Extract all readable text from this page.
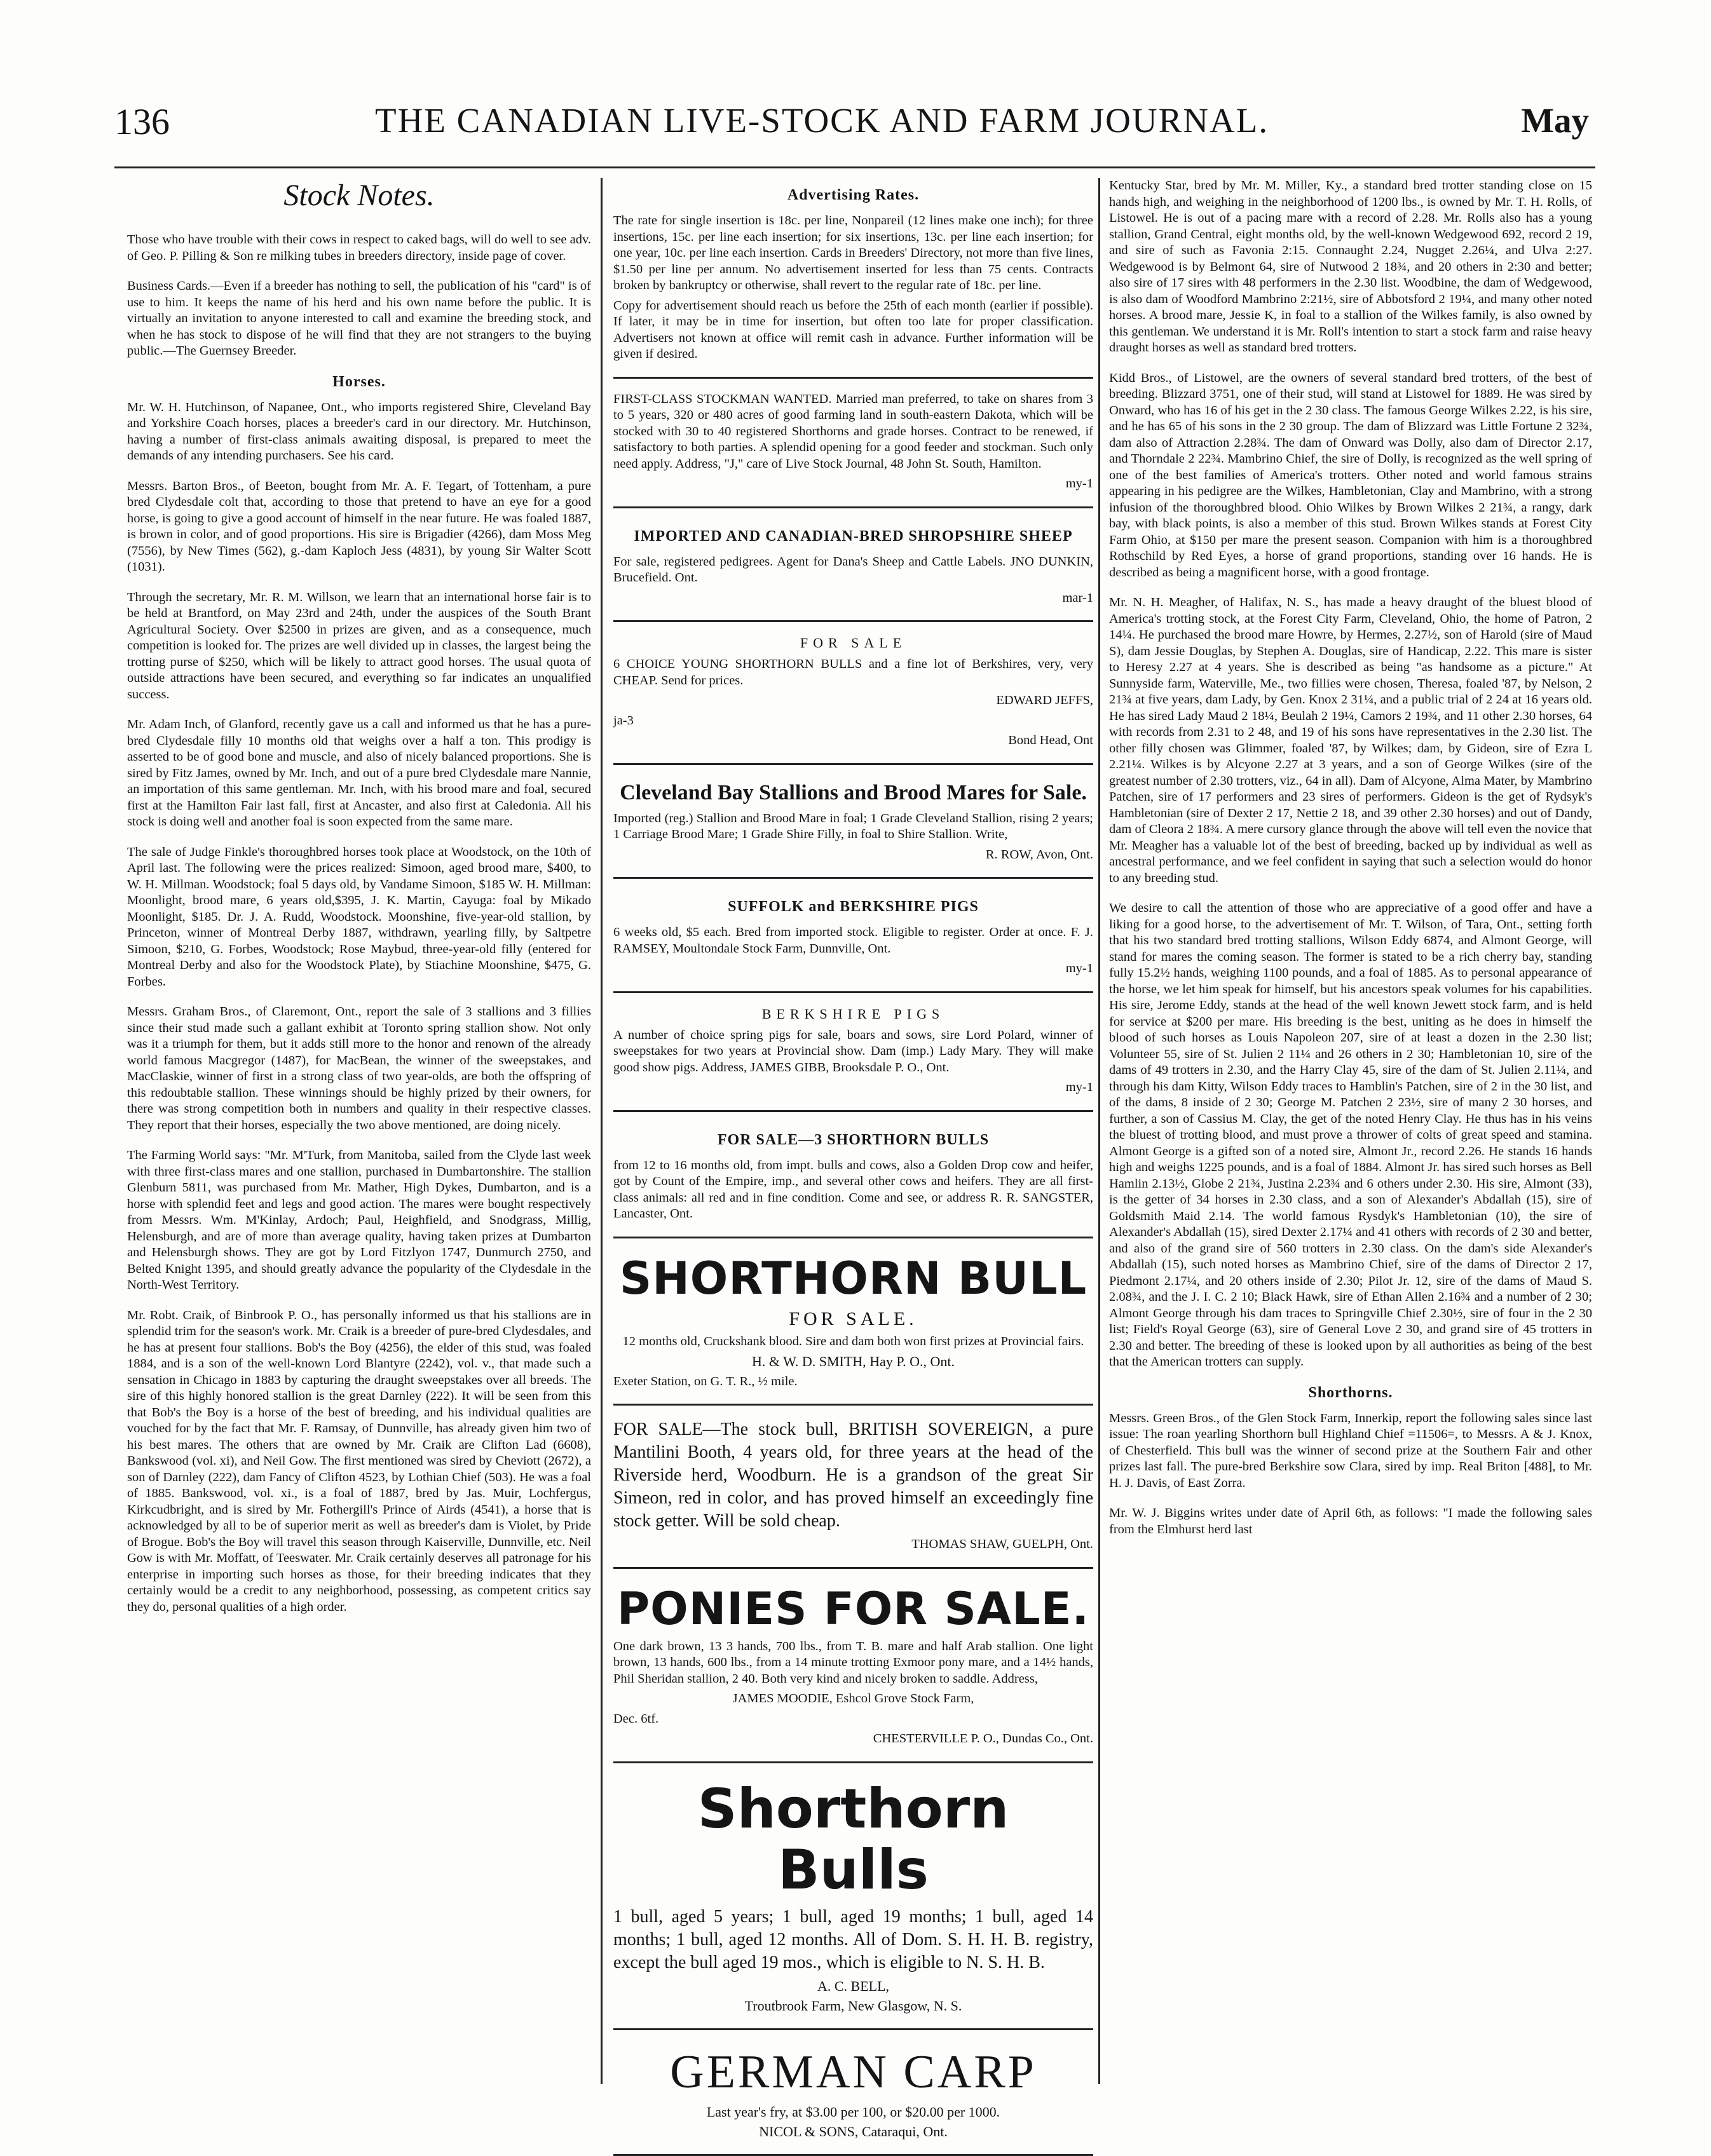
136	THE CANADIAN LIVE-STOCK AND FARM JOURNAL.	May
Stock Notes.

Those who have trouble with their cows in respect to caked bags, will do well to see adv. of Geo. P. Pilling & Son re milking tubes in breeders directory, inside page of cover.

Business Cards.—Even if a breeder has nothing to sell, the publication of his "card" is of use to him. It keeps the name of his herd and his own name before the public. It is virtually an invitation to anyone interested to call and examine the breeding stock, and when he has stock to dispose of he will find that they are not strangers to the buying public.—The Guernsey Breeder.

Horses.

Mr. W. H. Hutchinson, of Napanee, Ont., who imports registered Shire, Cleveland Bay and Yorkshire Coach horses, places a breeder's card in our directory. Mr. Hutchinson, having a number of first-class animals awaiting disposal, is prepared to meet the demands of any intending purchasers. See his card.

Messrs. Barton Bros., of Beeton, bought from Mr. A. F. Tegart, of Tottenham, a pure bred Clydesdale colt that, according to those that pretend to have an eye for a good horse, is going to give a good account of himself in the near future. He was foaled 1887, is brown in color, and of good proportions. His sire is Brigadier (4266), dam Moss Meg (7556), by New Times (562), g.-dam Kaploch Jess (4831), by young Sir Walter Scott (1031).

Through the secretary, Mr. R. M. Willson, we learn that an international horse fair is to be held at Brantford, on May 23rd and 24th, under the auspices of the South Brant Agricultural Society. Over $2500 in prizes are given, and as a consequence, much competition is looked for. The prizes are well divided up in classes, the largest being the trotting purse of $250, which will be likely to attract good horses. The usual quota of outside attractions have been secured, and everything so far indicates an unqualified success.

Mr. Adam Inch, of Glanford, recently gave us a call and informed us that he has a pure-bred Clydesdale filly 10 months old that weighs over a half a ton. This prodigy is asserted to be of good bone and muscle, and also of nicely balanced proportions. She is sired by Fitz James, owned by Mr. Inch, and out of a pure bred Clydesdale mare Nannie, an importation of this same gentleman. Mr. Inch, with his brood mare and foal, secured first at the Hamilton Fair last fall, first at Ancaster, and also first at Caledonia. All his stock is doing well and another foal is soon expected from the same mare.

The sale of Judge Finkle's thoroughbred horses took place at Woodstock, on the 10th of April last. The following were the prices realized: Simoon, aged brood mare, $400, to W. H. Millman. Woodstock; foal 5 days old, by Vandame Simoon, $185 W. H. Millman: Moonlight, brood mare, 6 years old,$395, J. K. Martin, Cayuga: foal by Mikado Moonlight, $185. Dr. J. A. Rudd, Woodstock. Moonshine, five-year-old stallion, by Princeton, winner of Montreal Derby 1887, withdrawn, yearling filly, by Saltpetre Simoon, $210, G. Forbes, Woodstock; Rose Maybud, three-year-old filly (entered for Montreal Derby and also for the Woodstock Plate), by Stiachine Moonshine, $475, G. Forbes.

Messrs. Graham Bros., of Claremont, Ont., report the sale of 3 stallions and 3 fillies since their stud made such a gallant exhibit at Toronto spring stallion show. Not only was it a triumph for them, but it adds still more to the honor and renown of the already world famous Macgregor (1487), for MacBean, the winner of the sweepstakes, and MacClaskie, winner of first in a strong class of two year-olds, are both the offspring of this redoubtable stallion. These winnings should be highly prized by their owners, for there was strong competition both in numbers and quality in their respective classes. They report that their horses, especially the two above mentioned, are doing nicely.

The Farming World says: "Mr. M'Turk, from Manitoba, sailed from the Clyde last week with three first-class mares and one stallion, purchased in Dumbartonshire. The stallion Glenburn 5811, was purchased from Mr. Mather, High Dykes, Dumbarton, and is a horse with splendid feet and legs and good action. The mares were bought respectively from Messrs. Wm. M'Kinlay, Ardoch; Paul, Heighfield, and Snodgrass, Millig, Helensburgh, and are of more than average quality, having taken prizes at Dumbarton and Helensburgh shows. They are got by Lord Fitzlyon 1747, Dunmurch 2750, and Belted Knight 1395, and should greatly advance the popularity of the Clydesdale in the North-West Territory.

Mr. Robt. Craik, of Binbrook P. O., has personally informed us that his stallions are in splendid trim for the season's work. Mr. Craik is a breeder of pure-bred Clydesdales, and he has at present four stallions. Bob's the Boy (4256), the elder of this stud, was foaled 1884, and is a son of the well-known Lord Blantyre (2242), vol. v., that made such a sensation in Chicago in 1883 by capturing the draught sweepstakes over all breeds. The sire of this highly honored stallion is the great Darnley (222). It will be seen from this that Bob's the Boy is a horse of the best of breeding, and his individual qualities are vouched for by the fact that Mr. F. Ramsay, of Dunnville, has already given him two of his best mares. The others that are owned by Mr. Craik are Clifton Lad (6608), Bankswood (vol. xi), and Neil Gow. The first mentioned was sired by Cheviott (2672), a son of Darnley (222), dam Fancy of Clifton 4523, by Lothian Chief (503). He was a foal of 1885. Bankswood, vol. xi., is a foal of 1887, bred by Jas. Muir, Lochfergus, Kirkcudbright, and is sired by Mr. Fothergill's Prince of Airds (4541), a horse that is acknowledged by all to be of superior merit as well as breeder's dam is Violet, by Pride of Brogue. Bob's the Boy will travel this season through Kaiserville, Dunnville, etc. Neil Gow is with Mr. Moffatt, of Teeswater. Mr. Craik certainly deserves all patronage for his enterprise in importing such horses as those, for their breeding indicates that they certainly would be a credit to any neighborhood, possessing, as competent critics say they do, personal qualities of a high order.

Advertising Rates.

The rate for single insertion is 18c. per line, Nonpareil (12 lines make one inch); for three insertions, 15c. per line each insertion; for six insertions, 13c. per line each insertion; for one year, 10c. per line each insertion. Cards in Breeders' Directory, not more than five lines, $1.50 per line per annum. No advertisement inserted for less than 75 cents. Contracts broken by bankruptcy or otherwise, shall revert to the regular rate of 18c. per line.

Copy for advertisement should reach us before the 25th of each month (earlier if possible). If later, it may be in time for insertion, but often too late for proper classification. Advertisers not known at office will remit cash in advance. Further information will be given if desired.

FIRST-CLASS STOCKMAN WANTED. Married man preferred, to take on shares from 3 to 5 years, 320 or 480 acres of good farming land in south-eastern Dakota, which will be stocked with 30 to 40 registered Shorthorns and grade horses. Contract to be renewed, if satisfactory to both parties. A splendid opening for a good feeder and stockman. Such only need apply. Address, "J," care of Live Stock Journal, 48 John St. South, Hamilton.

my-1

IMPORTED AND CANADIAN-BRED SHROPSHIRE SHEEP

For sale, registered pedigrees. Agent for Dana's Sheep and Cattle Labels. JNO DUNKIN, Brucefield. Ont.

mar-1

FOR SALE

6 CHOICE YOUNG SHORTHORN BULLS and a fine lot of Berkshires, very, very CHEAP. Send for prices.

EDWARD JEFFS,

ja-3

Bond Head, Ont

Cleveland Bay Stallions and Brood Mares for Sale.

Imported (reg.) Stallion and Brood Mare in foal; 1 Grade Cleveland Stallion, rising 2 years; 1 Carriage Brood Mare; 1 Grade Shire Filly, in foal to Shire Stallion. Write,

R. ROW, Avon, Ont.

SUFFOLK and BERKSHIRE PIGS

6 weeks old, $5 each. Bred from imported stock. Eligible to register. Order at once. F. J. RAMSEY, Moultondale Stock Farm, Dunnville, Ont.

my-1

BERKSHIRE PIGS

A number of choice spring pigs for sale, boars and sows, sire Lord Polard, winner of sweepstakes for two years at Provincial show. Dam (imp.) Lady Mary. They will make good show pigs. Address, JAMES GIBB, Brooksdale P. O., Ont.

my-1

FOR SALE—3 SHORTHORN BULLS

from 12 to 16 months old, from impt. bulls and cows, also a Golden Drop cow and heifer, got by Count of the Empire, imp., and several other cows and heifers. They are all first-class animals: all red and in fine condition. Come and see, or address R. R. SANGSTER, Lancaster, Ont.

SHORTHORN BULL
FOR SALE.

12 months old, Cruckshank blood. Sire and dam both won first prizes at Provincial fairs.

H. & W. D. SMITH, Hay P. O., Ont.

Exeter Station, on G. T. R., ½ mile.

FOR SALE—The stock bull, BRITISH SOVEREIGN, a pure Mantilini Booth, 4 years old, for three years at the head of the Riverside herd, Woodburn. He is a grandson of the great Sir Simeon, red in color, and has proved himself an exceedingly fine stock getter. Will be sold cheap.

THOMAS SHAW, GUELPH, Ont.

PONIES FOR SALE.

One dark brown, 13 3 hands, 700 lbs., from T. B. mare and half Arab stallion. One light brown, 13 hands, 600 lbs., from a 14 minute trotting Exmoor pony mare, and a 14½ hands, Phil Sheridan stallion, 2 40. Both very kind and nicely broken to saddle. Address,

JAMES MOODIE, Eshcol Grove Stock Farm,

Dec. 6tf.

CHESTERVILLE P. O., Dundas Co., Ont.

Shorthorn Bulls

1 bull, aged 5 years; 1 bull, aged 19 months; 1 bull, aged 14 months; 1 bull, aged 12 months. All of Dom. S. H. H. B. registry, except the bull aged 19 mos., which is eligible to N. S. H. B.

A. C. BELL,

Troutbrook Farm, New Glasgow, N. S.

GERMAN CARP

Last year's fry, at $3.00 per 100, or $20.00 per 1000.

NICOL & SONS, Cataraqui, Ont.

Kentucky Star, bred by Mr. M. Miller, Ky., a standard bred trotter standing close on 15 hands high, and weighing in the neighborhood of 1200 lbs., is owned by Mr. T. H. Rolls, of Listowel. He is out of a pacing mare with a record of 2.28. Mr. Rolls also has a young stallion, Grand Central, eight months old, by the well-known Wedgewood 692, record 2 19, and sire of such as Favonia 2:15. Connaught 2.24, Nugget 2.26¼, and Ulva 2:27. Wedgewood is by Belmont 64, sire of Nutwood 2 18¾, and 20 others in 2:30 and better; also sire of 17 sires with 48 performers in the 2.30 list. Woodbine, the dam of Wedgewood, is also dam of Woodford Mambrino 2:21½, sire of Abbotsford 2 19¼, and many other noted horses. A brood mare, Jessie K, in foal to a stallion of the Wilkes family, is also owned by this gentleman. We understand it is Mr. Roll's intention to start a stock farm and raise heavy draught horses as well as standard bred trotters.

Kidd Bros., of Listowel, are the owners of several standard bred trotters, of the best of breeding. Blizzard 3751, one of their stud, will stand at Listowel for 1889. He was sired by Onward, who has 16 of his get in the 2 30 class. The famous George Wilkes 2.22, is his sire, and he has 65 of his sons in the 2 30 group. The dam of Blizzard was Little Fortune 2 32¾, dam also of Attraction 2.28¾. The dam of Onward was Dolly, also dam of Director 2.17, and Thorndale 2 22¾. Mambrino Chief, the sire of Dolly, is recognized as the well spring of one of the best families of America's trotters. Other noted and world famous strains appearing in his pedigree are the Wilkes, Hambletonian, Clay and Mambrino, with a strong infusion of the thoroughbred blood. Ohio Wilkes by Brown Wilkes 2 21¾, a rangy, dark bay, with black points, is also a member of this stud. Brown Wilkes stands at Forest City Farm Ohio, at $150 per mare the present season. Companion with him is a thoroughbred Rothschild by Red Eyes, a horse of grand proportions, standing over 16 hands. He is described as being a magnificent horse, with a good frontage.

Mr. N. H. Meagher, of Halifax, N. S., has made a heavy draught of the bluest blood of America's trotting stock, at the Forest City Farm, Cleveland, Ohio, the home of Patron, 2 14¼. He purchased the brood mare Howre, by Hermes, 2.27½, son of Harold (sire of Maud S), dam Jessie Douglas, by Stephen A. Douglas, sire of Handicap, 2.22. This mare is sister to Heresy 2.27 at 4 years. She is described as being "as handsome as a picture." At Sunnyside farm, Waterville, Me., two fillies were chosen, Theresa, foaled '87, by Nelson, 2 21¾ at five years, dam Lady, by Gen. Knox 2 31¼, and a public trial of 2 24 at 16 years old. He has sired Lady Maud 2 18¼, Beulah 2 19¼, Camors 2 19¾, and 11 other 2.30 horses, 64 with records from 2.31 to 2 48, and 19 of his sons have representatives in the 2.30 list. The other filly chosen was Glimmer, foaled '87, by Wilkes; dam, by Gideon, sire of Ezra L 2.21¼. Wilkes is by Alcyone 2.27 at 3 years, and a son of George Wilkes (sire of the greatest number of 2.30 trotters, viz., 64 in all). Dam of Alcyone, Alma Mater, by Mambrino Patchen, sire of 17 performers and 23 sires of performers. Gideon is the get of Rydsyk's Hambletonian (sire of Dexter 2 17, Nettie 2 18, and 39 other 2.30 horses) and out of Dandy, dam of Cleora 2 18¾. A mere cursory glance through the above will tell even the novice that Mr. Meagher has a valuable lot of the best of breeding, backed up by individual as well as ancestral performance, and we feel confident in saying that such a selection would do honor to any breeding stud.

We desire to call the attention of those who are appreciative of a good offer and have a liking for a good horse, to the advertisement of Mr. T. Wilson, of Tara, Ont., setting forth that his two standard bred trotting stallions, Wilson Eddy 6874, and Almont George, will stand for mares the coming season. The former is stated to be a rich cherry bay, standing fully 15.2½ hands, weighing 1100 pounds, and a foal of 1885. As to personal appearance of the horse, we let him speak for himself, but his ancestors speak volumes for his capabilities. His sire, Jerome Eddy, stands at the head of the well known Jewett stock farm, and is held for service at $200 per mare. His breeding is the best, uniting as he does in himself the blood of such horses as Louis Napoleon 207, sire of at least a dozen in the 2.30 list; Volunteer 55, sire of St. Julien 2 11¼ and 26 others in 2 30; Hambletonian 10, sire of the dams of 49 trotters in 2.30, and the Harry Clay 45, sire of the dam of St. Julien 2.11¼, and through his dam Kitty, Wilson Eddy traces to Hamblin's Patchen, sire of 2 in the 30 list, and of the dams, 8 inside of 2 30; George M. Patchen 2 23½, sire of many 2 30 horses, and further, a son of Cassius M. Clay, the get of the noted Henry Clay. He thus has in his veins the bluest of trotting blood, and must prove a thrower of colts of great speed and stamina. Almont George is a gifted son of a noted sire, Almont Jr., record 2.26. He stands 16 hands high and weighs 1225 pounds, and is a foal of 1884. Almont Jr. has sired such horses as Bell Hamlin 2.13½, Globe 2 21¾, Justina 2.23¾ and 6 others under 2.30. His sire, Almont (33), is the getter of 34 horses in 2.30 class, and a son of Alexander's Abdallah (15), sire of Goldsmith Maid 2.14. The world famous Rysdyk's Hambletonian (10), the sire of Alexander's Abdallah (15), sired Dexter 2.17¼ and 41 others with records of 2 30 and better, and also of the grand sire of 560 trotters in 2.30 class. On the dam's side Alexander's Abdallah (15), such noted horses as Mambrino Chief, sire of the dams of Director 2 17, Piedmont 2.17¼, and 20 others inside of 2.30; Pilot Jr. 12, sire of the dams of Maud S. 2.08¾, and the J. I. C. 2 10; Black Hawk, sire of Ethan Allen 2.16¾ and a number of 2 30; Almont George through his dam traces to Springville Chief 2.30½, sire of four in the 2 30 list; Field's Royal George (63), sire of General Love 2 30, and grand sire of 45 trotters in 2.30 and better. The breeding of these is looked upon by all authorities as being of the best that the American trotters can supply.

Shorthorns.

Messrs. Green Bros., of the Glen Stock Farm, Innerkip, report the following sales since last issue: The roan yearling Shorthorn bull Highland Chief =11506=, to Messrs. A & J. Knox, of Chesterfield. This bull was the winner of second prize at the Southern Fair and other prizes last fall. The pure-bred Berkshire sow Clara, sired by imp. Real Briton [488], to Mr. H. J. Davis, of East Zorra.

Mr. W. J. Biggins writes under date of April 6th, as follows: "I made the following sales from the Elmhurst herd last
